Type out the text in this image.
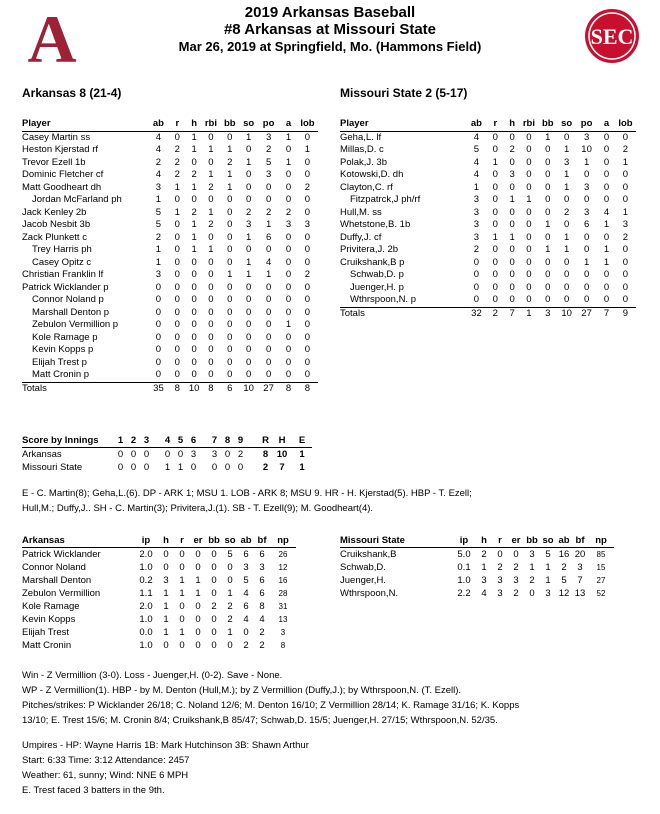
A	SEC
2019 Arkansas Baseball
#8 Arkansas at Missouri State
Mar 26, 2019 at Springfield, Mo. (Hammons Field)
Arkansas 8 (21-4)	Missouri State 2 (5-17)
Player	ab	r	h	rbi	bb	so	po	a	lob
Casey Martin ss	4	0	1	0	0	1	3	1	0
Heston Kjerstad rf	4	2	1	1	1	0	2	0	1
Trevor Ezell 1b	2	2	0	0	2	1	5	1	0
Dominic Fletcher cf	4	2	2	1	1	0	3	0	0
Matt Goodheart dh	3	1	1	2	1	0	0	0	2
Jordan McFarland ph	1	0	0	0	0	0	0	0	0
Jack Kenley 2b	5	1	2	1	0	2	2	2	0
Jacob Nesbit 3b	5	0	1	2	0	3	1	3	3
Zack Plunkett c	2	0	1	0	0	1	6	0	0
Trey Harris ph	1	0	1	1	0	0	0	0	0
Casey Opitz c	1	0	0	0	0	1	4	0	0
Christian Franklin lf	3	0	0	0	1	1	1	0	2
Patrick Wicklander p	0	0	0	0	0	0	0	0	0
Connor Noland p	0	0	0	0	0	0	0	0	0
Marshall Denton p	0	0	0	0	0	0	0	0	0
Zebulon Vermillion p	0	0	0	0	0	0	0	1	0
Kole Ramage p	0	0	0	0	0	0	0	0	0
Kevin Kopps p	0	0	0	0	0	0	0	0	0
Elijah Trest p	0	0	0	0	0	0	0	0	0
Matt Cronin p	0	0	0	0	0	0	0	0	0
Totals	35	8	10	8	6	10	27	8	8
Player	ab	r	h	rbi	bb	so	po	a	lob
Geha,L. lf	4	0	0	0	1	0	3	0	0
Millas,D. c	5	0	2	0	0	1	10	0	2
Polak,J. 3b	4	1	0	0	0	3	1	0	1
Kotowski,D. dh	4	0	3	0	0	1	0	0	0
Clayton,C. rf	1	0	0	0	0	1	3	0	0
Fitzpatrck,J ph/rf	3	0	1	1	0	0	0	0	0
Hull,M. ss	3	0	0	0	0	2	3	4	1
Whetstone,B. 1b	3	0	0	0	1	0	6	1	3
Duffy,J. cf	3	1	1	0	0	1	0	0	2
Privitera,J. 2b	2	0	0	0	1	1	0	1	0
Cruikshank,B p	0	0	0	0	0	0	1	1	0
Schwab,D. p	0	0	0	0	0	0	0	0	0
Juenger,H. p	0	0	0	0	0	0	0	0	0
Wthrspoon,N. p	0	0	0	0	0	0	0	0	0
Totals	32	2	7	1	3	10	27	7	9
Score by Innings	1	2	3		4	5	6		7	8	9		R	H	E
Arkansas	0	0	0		0	0	3		3	0	2		8	10	1
Missouri State	0	0	0		1	1	0		0	0	0		2	7	1
E - C. Martin(8); Geha,L.(6). DP - ARK 1; MSU 1. LOB - ARK 8; MSU 9. HR - H. Kjerstad(5). HBP - T. Ezell;
Hull,M.; Duffy,J.. SH - C. Martin(3); Privitera,J.(1). SB - T. Ezell(9); M. Goodheart(4).
Arkansas	ip	h	r	er	bb	so	ab	bf	np
Patrick Wicklander	2.0	0	0	0	0	5	6	6	26
Connor Noland	1.0	0	0	0	0	0	3	3	12
Marshall Denton	0.2	3	1	1	0	0	5	6	16
Zebulon Vermillion	1.1	1	1	1	0	1	4	6	28
Kole Ramage	2.0	1	0	0	2	2	6	8	31
Kevin Kopps	1.0	1	0	0	0	2	4	4	13
Elijah Trest	0.0	1	1	0	0	1	0	2	3
Matt Cronin	1.0	0	0	0	0	0	2	2	8
Missouri State	ip	h	r	er	bb	so	ab	bf	np
Cruikshank,B	5.0	2	0	0	3	5	16	20	85
Schwab,D.	0.1	1	2	2	1	1	2	3	15
Juenger,H.	1.0	3	3	3	2	1	5	7	27
Wthrspoon,N.	2.2	4	3	2	0	3	12	13	52
Win - Z Vermillion (3-0). Loss - Juenger,H. (0-2). Save - None.
WP - Z Vermillion(1). HBP - by M. Denton (Hull,M.); by Z Vermillion (Duffy,J.); by Wthrspoon,N. (T. Ezell).
Pitches/strikes: P Wicklander 26/18; C. Noland 12/6; M. Denton 16/10; Z Vermillion 28/14; K. Ramage 31/16; K. Kopps
13/10; E. Trest 15/6; M. Cronin 8/4; Cruikshank,B 85/47; Schwab,D. 15/5; Juenger,H. 27/15; Wthrspoon,N. 52/35.
Umpires - HP: Wayne Harris 1B: Mark Hutchinson 3B: Shawn Arthur
Start: 6:33 Time: 3:12 Attendance: 2457
Weather: 61, sunny; Wind: NNE 6 MPH
E. Trest faced 3 batters in the 9th.
